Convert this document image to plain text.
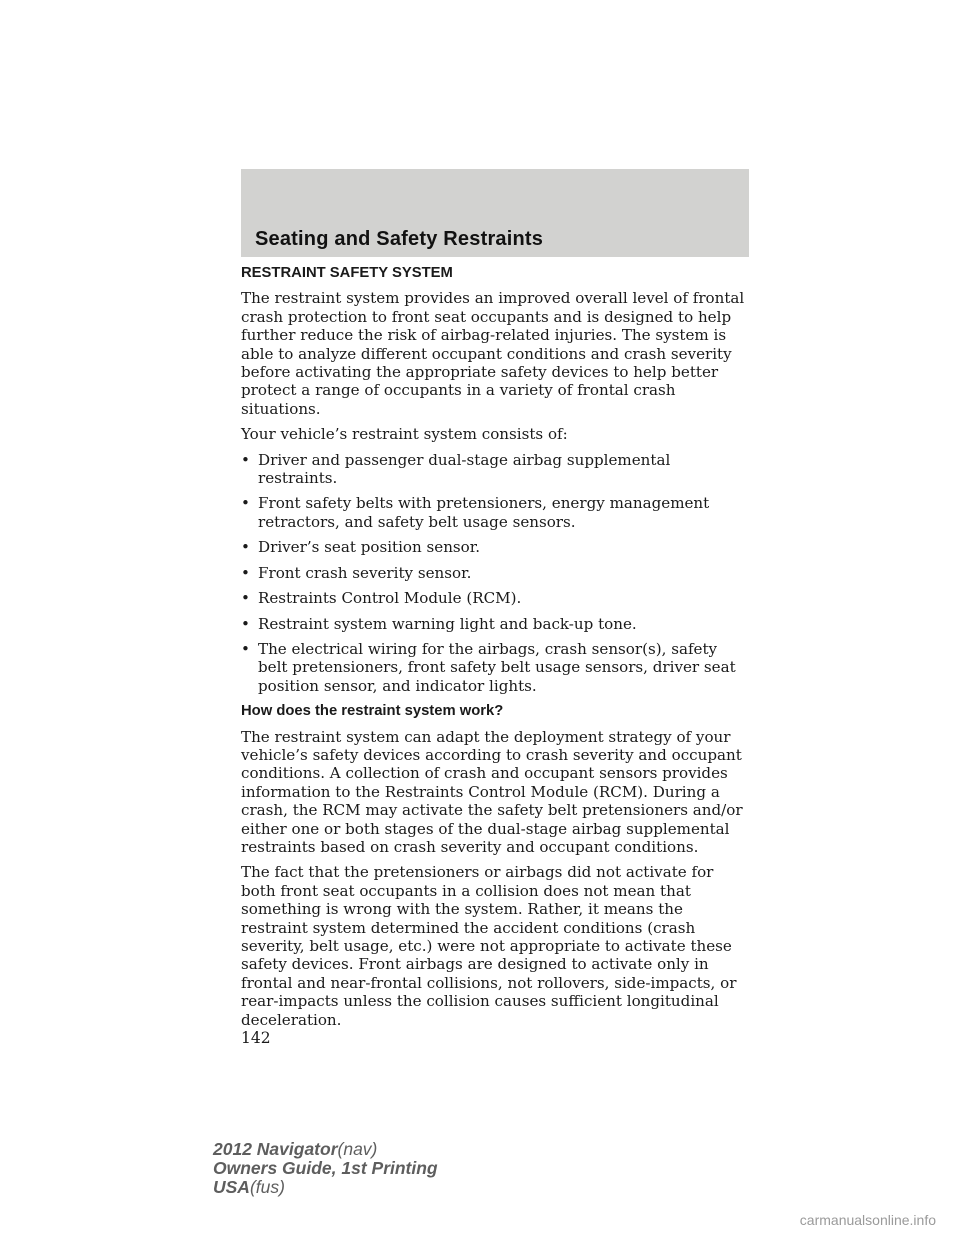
Seating and Safety Restraints
RESTRAINT SAFETY SYSTEM

The restraint system provides an improved overall level of frontal crash protection to front seat occupants and is designed to help further reduce the risk of airbag-related injuries. The system is able to analyze different occupant conditions and crash severity before activating the appropriate safety devices to help better protect a range of occupants in a variety of frontal crash situations.

Your vehicle’s restraint system consists of:

• Driver and passenger dual-stage airbag supplemental restraints.
• Front safety belts with pretensioners, energy management retractors, and safety belt usage sensors.
• Driver’s seat position sensor.
• Front crash severity sensor.
• Restraints Control Module (RCM).
• Restraint system warning light and back-up tone.
• The electrical wiring for the airbags, crash sensor(s), safety belt pretensioners, front safety belt usage sensors, driver seat position sensor, and indicator lights.
How does the restraint system work?

The restraint system can adapt the deployment strategy of your vehicle’s safety devices according to crash severity and occupant conditions. A collection of crash and occupant sensors provides information to the Restraints Control Module (RCM). During a crash, the RCM may activate the safety belt pretensioners and/or either one or both stages of the dual-stage airbag supplemental restraints based on crash severity and occupant conditions.

The fact that the pretensioners or airbags did not activate for both front seat occupants in a collision does not mean that something is wrong with the system. Rather, it means the restraint system determined the accident conditions (crash severity, belt usage, etc.) were not appropriate to activate these safety devices. Front airbags are designed to activate only in frontal and near-frontal collisions, not rollovers, side-impacts, or rear-impacts unless the collision causes sufficient longitudinal deceleration.

142
2012 Navigator(nav)
Owners Guide, 1st Printing
USA(fus)
carmanualsonline.info
